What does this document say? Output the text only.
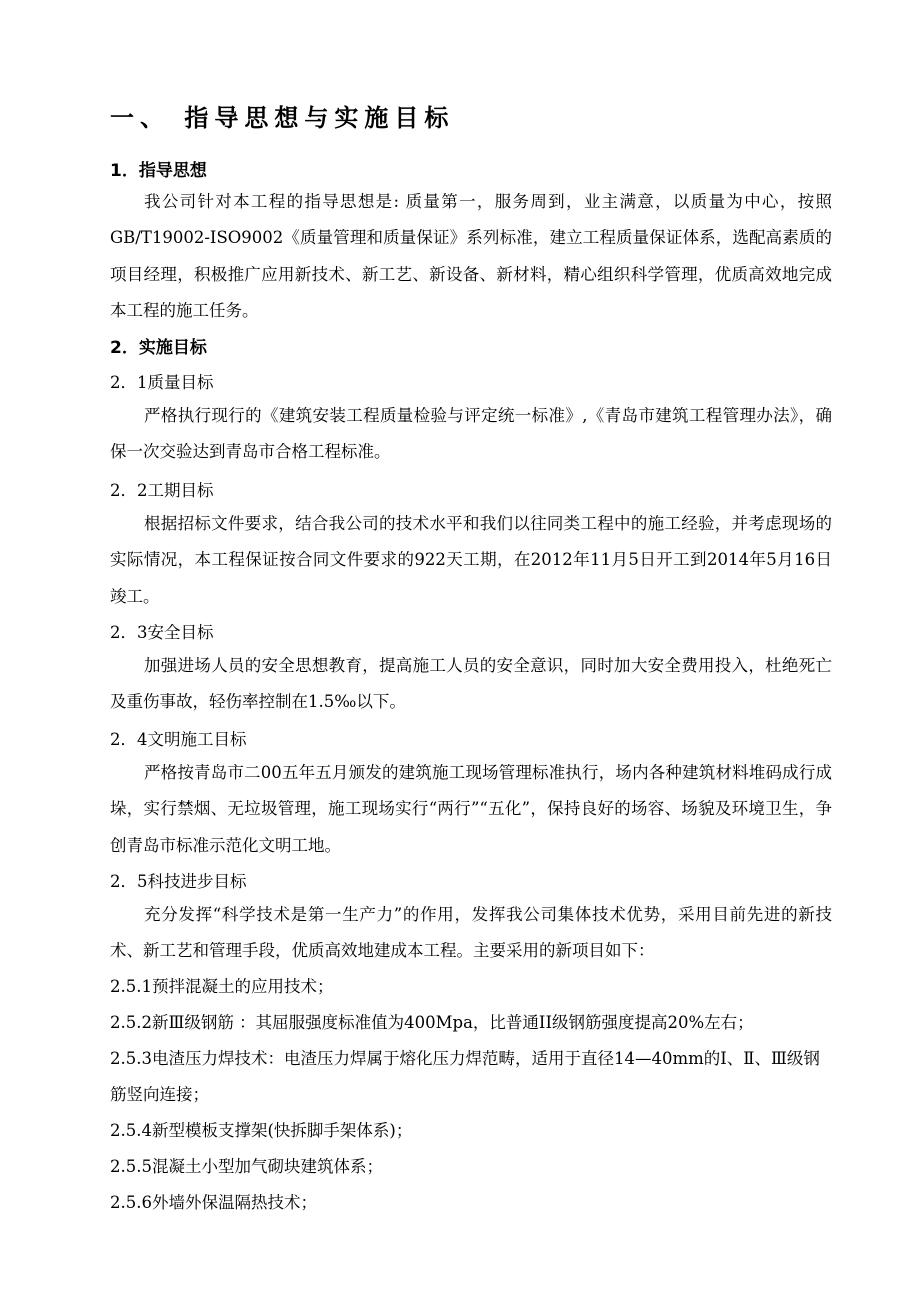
一、 指导思想与实施目标
1．指导思想
我公司针对本工程的指导思想是: 质量第一，服务周到，业主满意，以质量为中心，按照GB/T19002-ISO9002《质量管理和质量保证》系列标准，建立工程质量保证体系，选配高素质的项目经理，积极推广应用新技术、新工艺、新设备、新材料，精心组织科学管理，优质高效地完成本工程的施工任务。
2．实施目标
2．1质量目标
严格执行现行的《建筑安装工程质量检验与评定统一标准》,《青岛市建筑工程管理办法》，确保一次交验达到青岛市合格工程标准。
2．2工期目标
根据招标文件要求，结合我公司的技术水平和我们以往同类工程中的施工经验，并考虑现场的实际情况，本工程保证按合同文件要求的922天工期，在2012年11月5日开工到2014年5月16日竣工。
2．3安全目标
加强进场人员的安全思想教育，提高施工人员的安全意识，同时加大安全费用投入，杜绝死亡及重伤事故，轻伤率控制在1.5‰以下。
2．4文明施工目标
严格按青岛市二00五年五月颁发的建筑施工现场管理标准执行，场内各种建筑材料堆码成行成垛，实行禁烟、无垃圾管理，施工现场实行“两行”“五化”，保持良好的场容、场貌及环境卫生，争创青岛市标准示范化文明工地。
2．5科技进步目标
充分发挥“科学技术是第一生产力”的作用，发挥我公司集体技术优势，采用目前先进的新技术、新工艺和管理手段，优质高效地建成本工程。主要采用的新项目如下：
2.5.1预拌混凝土的应用技术；
2.5.2新Ⅲ级钢筋 ：其屈服强度标准值为400Mpa，比普通II级钢筋强度提高20%左右；
2.5.3电渣压力焊技术：电渣压力焊属于熔化压力焊范畴，适用于直径14—40mm的Ⅰ、Ⅱ、Ⅲ级钢筋竖向连接；
2.5.4新型模板支撑架(快拆脚手架体系)；
2.5.5混凝土小型加气砌块建筑体系；
2.5.6外墙外保温隔热技术；
